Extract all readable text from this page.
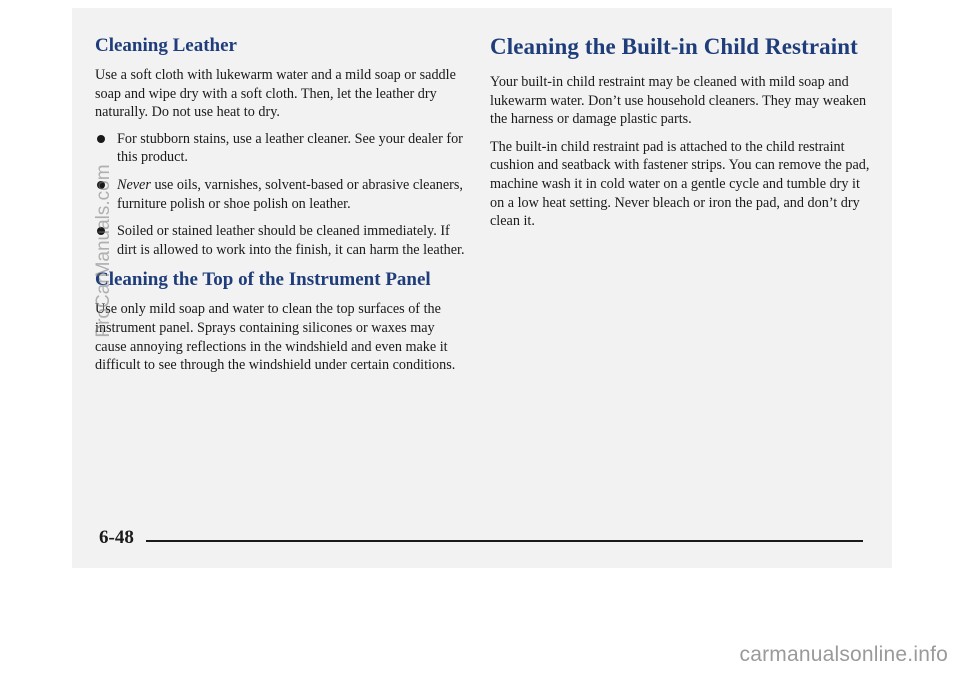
Cleaning Leather

Use a soft cloth with lukewarm water and a mild soap or saddle soap and wipe dry with a soft cloth. Then, let the leather dry naturally. Do not use heat to dry.

For stubborn stains, use a leather cleaner. See your dealer for this product.
Never use oils, varnishes, solvent-based or abrasive cleaners, furniture polish or shoe polish on leather.
Soiled or stained leather should be cleaned immediately. If dirt is allowed to work into the finish, it can harm the leather.
Cleaning the Top of the Instrument Panel

Use only mild soap and water to clean the top surfaces of the instrument panel. Sprays containing silicones or waxes may cause annoying reflections in the windshield and even make it difficult to see through the windshield under certain conditions.

Cleaning the Built-in Child Restraint

Your built-in child restraint may be cleaned with mild soap and lukewarm water. Don’t use household cleaners. They may weaken the harness or damage plastic parts.

The built-in child restraint pad is attached to the child restraint cushion and seatback with fastener strips. You can remove the pad, machine wash it in cold water on a gentle cycle and tumble dry it on a low heat setting. Never bleach or iron the pad, and don’t dry clean it.

6-48
ProCarManuals.com
carmanualsonline.info
